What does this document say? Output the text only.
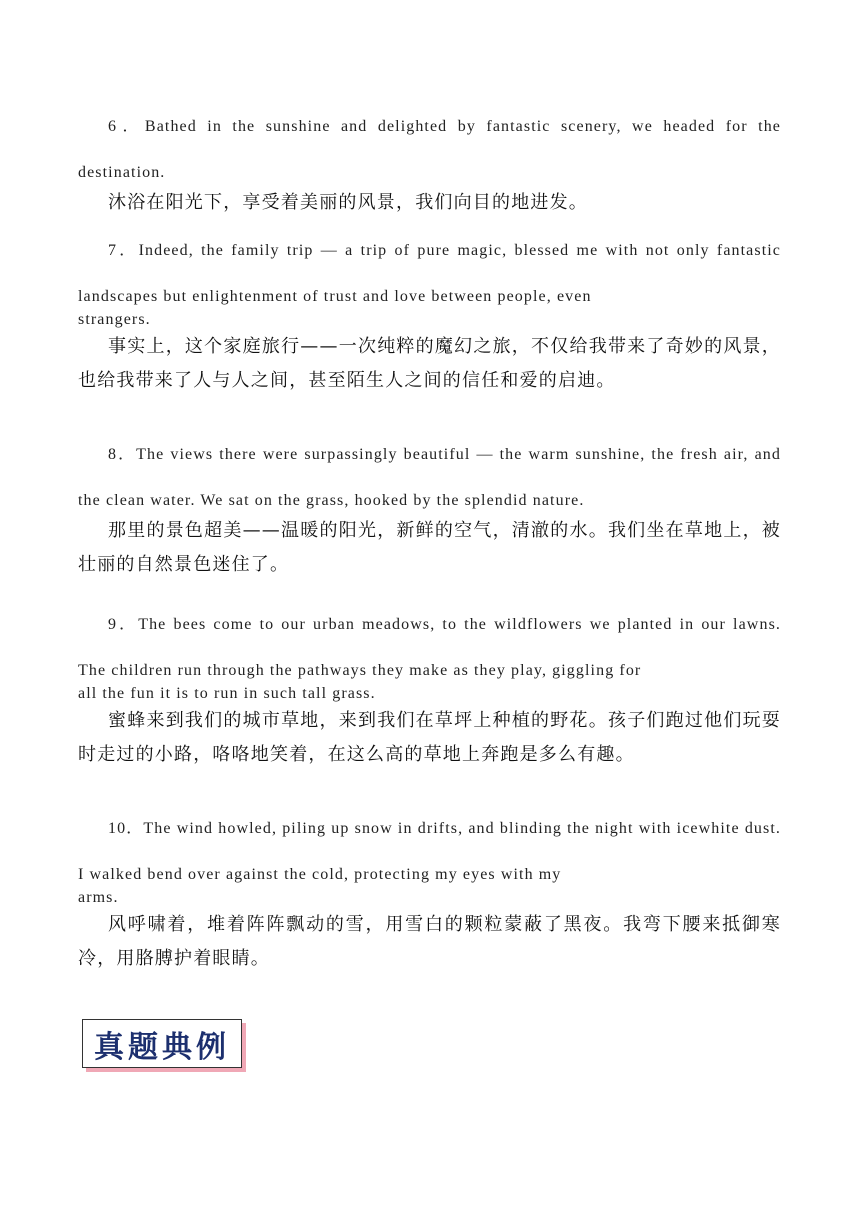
6．Bathed in the sunshine and delighted by fantastic scenery, we headed for the destination.

沐浴在阳光下，享受着美丽的风景，我们向目的地进发。

7．Indeed, the family trip — a trip of pure magic, blessed me with not only fantastic landscapes but enlightenment of trust and love between people, even
strangers.

事实上，这个家庭旅行——一次纯粹的魔幻之旅，不仅给我带来了奇妙的风景，也给我带来了人与人之间，甚至陌生人之间的信任和爱的启迪。

8．The views there were surpassingly beautiful — the warm sunshine, the fresh air, and the clean water. We sat on the grass, hooked by the splendid nature.

那里的景色超美——温暖的阳光，新鲜的空气，清澈的水。我们坐在草地上，被壮丽的自然景色迷住了。

9．The bees come to our urban meadows, to the wildflowers we planted in our lawns. The children run through the pathways they make as they play, giggling for
all the fun it is to run in such tall grass.

蜜蜂来到我们的城市草地，来到我们在草坪上种植的野花。孩子们跑过他们玩耍时走过的小路，咯咯地笑着，在这么高的草地上奔跑是多么有趣。

10．The wind howled, piling up snow in drifts, and blinding the night with icewhite dust. I walked bend over against the cold, protecting my eyes with my
arms.

风呼啸着，堆着阵阵飘动的雪，用雪白的颗粒蒙蔽了黑夜。我弯下腰来抵御寒冷，用胳膊护着眼睛。

真题典例
